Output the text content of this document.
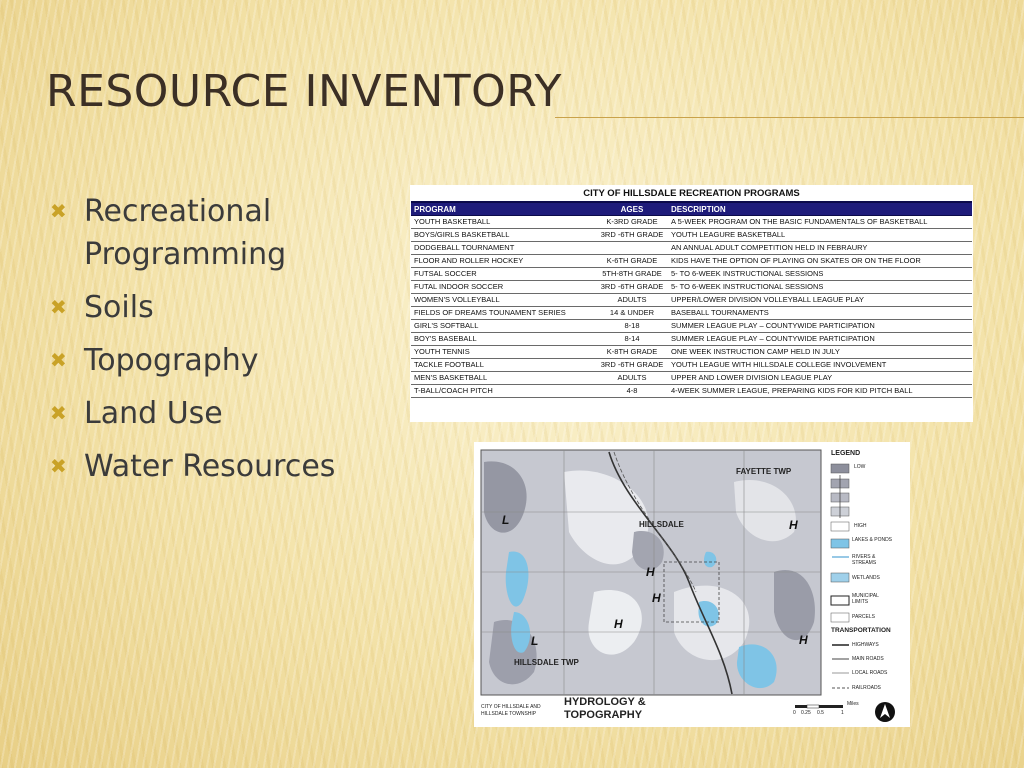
RESOURCE INVENTORY
✖ Recreational Programming
✖ Soils
✖ Topography
✖ Land Use
✖ Water Resources
CITY OF HILLSDALE RECREATION PROGRAMS
PROGRAM	AGES	DESCRIPTION
YOUTH BASKETBALL	K-3RD GRADE	A 5-WEEK PROGRAM ON THE BASIC FUNDAMENTALS OF BASKETBALL
BOYS/GIRLS BASKETBALL	3RD -6TH GRADE	YOUTH LEAGURE BASKETBALL
DODGEBALL TOURNAMENT		AN ANNUAL ADULT COMPETITION HELD IN FEBRAURY
FLOOR AND ROLLER HOCKEY	K-6TH GRADE	KIDS HAVE THE OPTION OF PLAYING ON SKATES OR ON THE FLOOR
FUTSAL SOCCER	5TH-8TH GRADE	5- TO 6-WEEK INSTRUCTIONAL SESSIONS
FUTAL INDOOR SOCCER	3RD -6TH GRADE	5- TO 6-WEEK INSTRUCTIONAL SESSIONS
WOMEN'S VOLLEYBALL	ADULTS	UPPER/LOWER DIVISION VOLLEYBALL LEAGUE PLAY
FIELDS OF DREAMS TOUNAMENT SERIES	14 & UNDER	BASEBALL TOURNAMENTS
GIRL'S SOFTBALL	8-18	SUMMER LEAGUE PLAY – COUNTYWIDE PARTICIPATION
BOY'S BASEBALL	8-14	SUMMER LEAGUE PLAY – COUNTYWIDE PARTICIPATION
YOUTH TENNIS	K-8TH GRADE	ONE WEEK INSTRUCTION CAMP HELD IN JULY
TACKLE FOOTBALL	3RD -6TH GRADE	YOUTH LEAGUE WITH HILLSDALE COLLEGE INVOLVEMENT
MEN'S BASKETBALL	ADULTS	UPPER AND LOWER DIVISION LEAGUE PLAY
T-BALL/COACH PITCH	4-8	4-WEEK SUMMER LEAGUE, PREPARING KIDS FOR KID PITCH BALL
H
H
H
H
H
L
L
FAYETTE TWP
HILLSDALE
HILLSDALE TWP
LEGEND
LOW
HIGH
LAKES & PONDS
RIVERS & STREAMS
WETLANDS
MUNICIPAL LIMITS
PARCELS
TRANSPORTATION
HIGHWAYS
MAIN ROADS
LOCAL ROADS
RAILROADS
CITY OF HILLSDALE AND HILLSDALE TOWNSHIP
HYDROLOGY & TOPOGRAPHY
Miles
0 0.25 0.5	1
